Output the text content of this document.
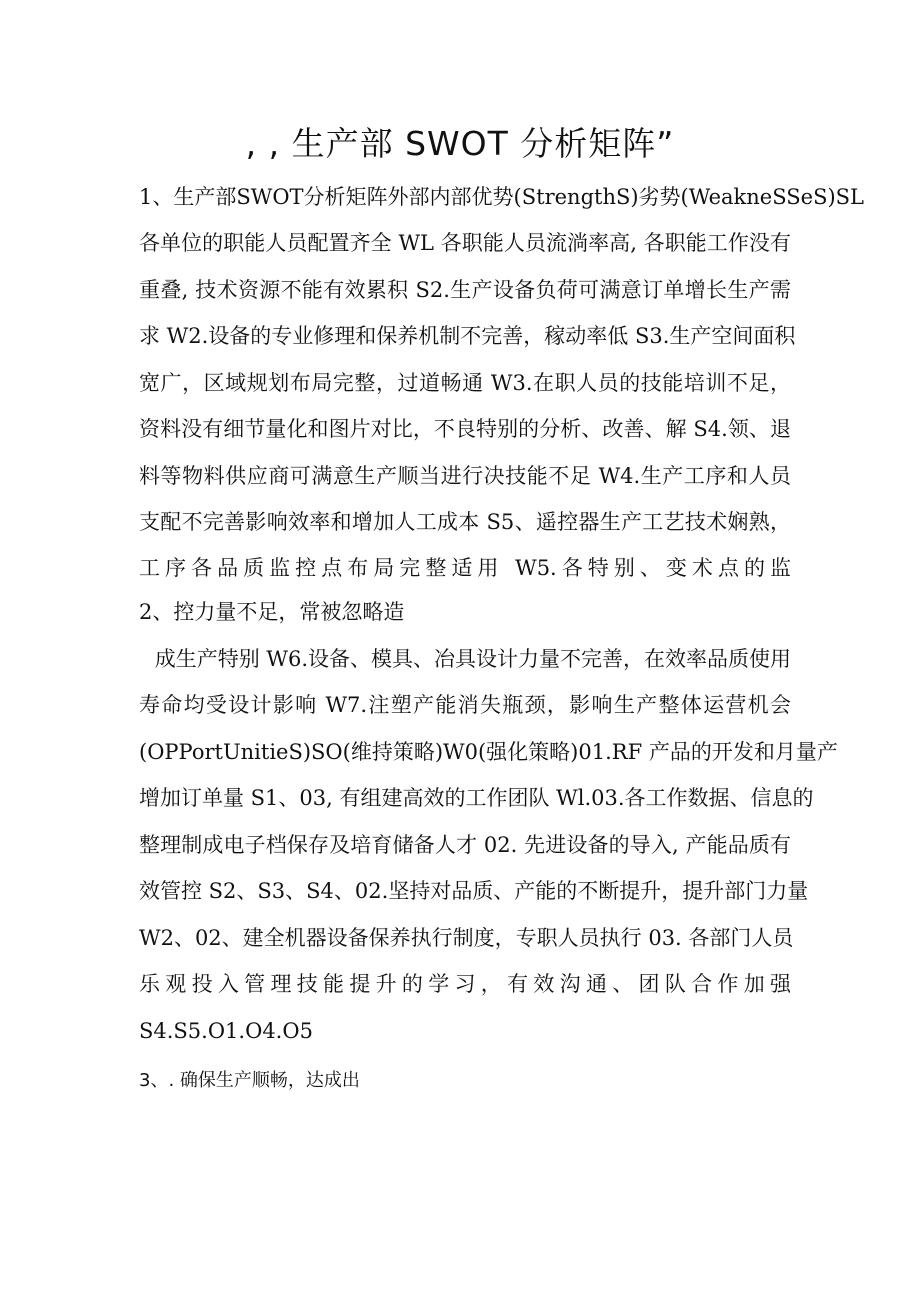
, , 生产部 SWOT 分析矩阵”
1、生产部SWOT分析矩阵外部内部优势(StrengthS)劣势(WeakneSSeS)SL
各单位的职能人员配置齐全 WL 各职能人员流淌率高, 各职能工作没有
重叠, 技术资源不能有效累积 S2.生产设备负荷可满意订单增长生产需
求 W2.设备的专业修理和保养机制不完善，稼动率低 S3.生产空间面积
宽广，区域规划布局完整，过道畅通 W3.在职人员的技能培训不足，
资料没有细节量化和图片对比，不良特别的分析、改善、解 S4.领、退
料等物料供应商可满意生产顺当进行决技能不足 W4.生产工序和人员
支配不完善影响效率和增加人工成本 S5、遥控器生产工艺技术娴熟，
工序各品质监控点布局完整适用 W5.各特别、变术点的监
2、控力量不足，常被忽略造
成生产特别 W6.设备、模具、冶具设计力量不完善，在效率品质使用
寿命均受设计影响 W7.注塑产能消失瓶颈，影响生产整体运营机会
(OPPortUnitieS)SO(维持策略)W0(强化策略)01.RF 产品的开发和月量产
增加订单量 S1、03, 有组建高效的工作团队 Wl.03.各工作数据、信息的
整理制成电子档保存及培育储备人才 02. 先进设备的导入, 产能品质有
效管控 S2、S3、S4、02.坚持对品质、产能的不断提升，提升部门力量
W2、02、建全机器设备保养执行制度，专职人员执行 03. 各部门人员
乐观投入管理技能提升的学习，有效沟通、团队合作加强
S4.S5.O1.O4.O5
3、. 确保生产顺畅，达成出
